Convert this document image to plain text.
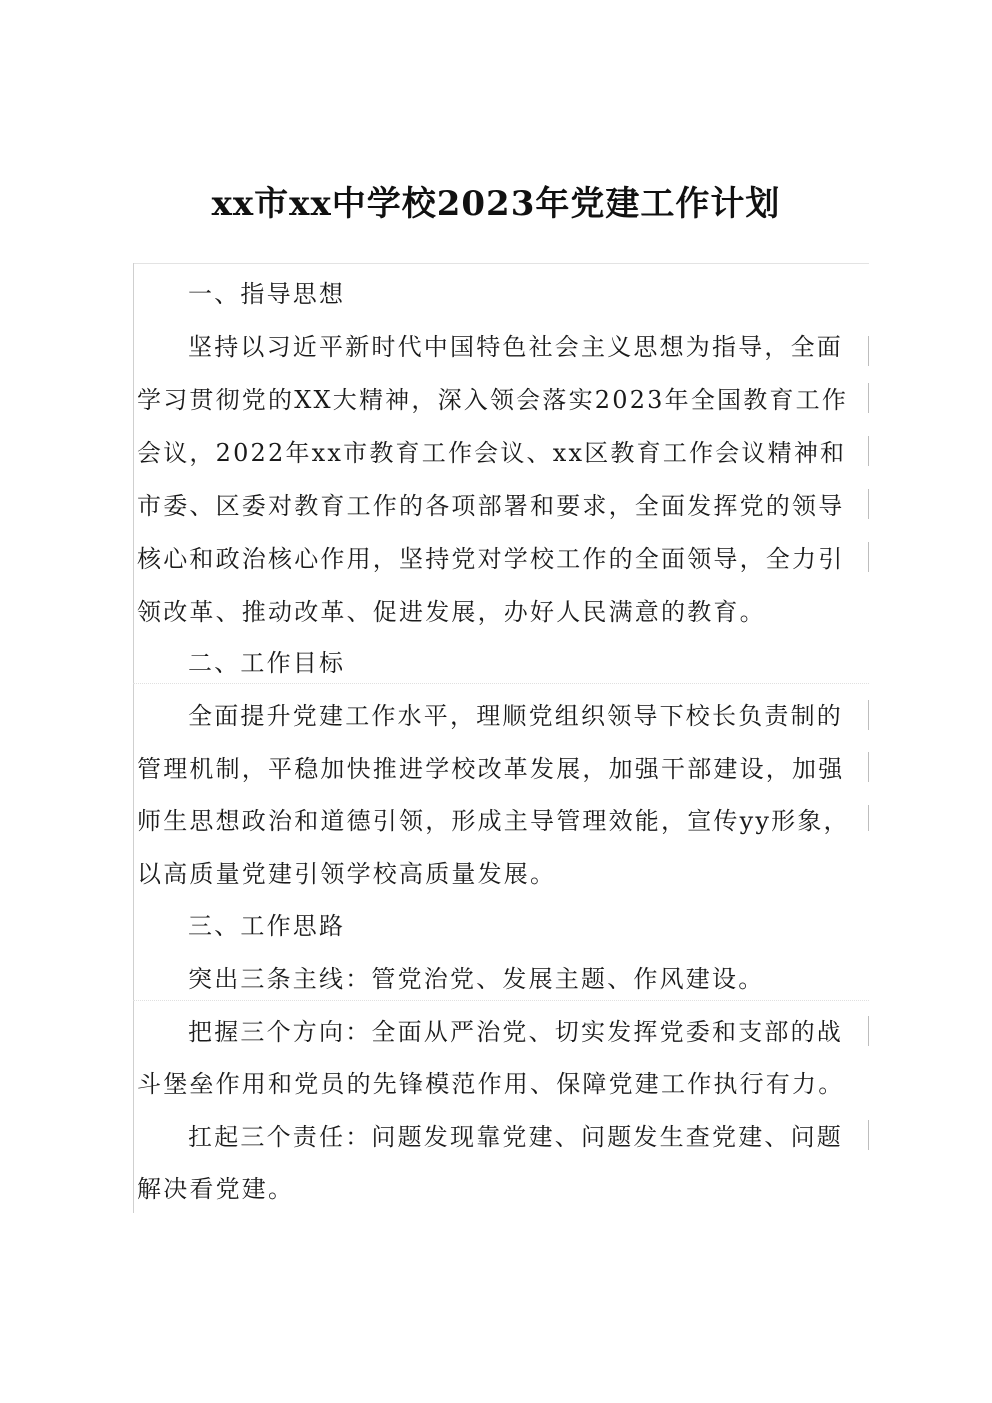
xx市xx中学校2023年党建工作计划
一、指导思想
坚持以习近平新时代中国特色社会主义思想为指导，全面
学习贯彻党的XX大精神，深入领会落实2023年全国教育工作
会议，2022年xx市教育工作会议、xx区教育工作会议精神和
市委、区委对教育工作的各项部署和要求，全面发挥党的领导
核心和政治核心作用，坚持党对学校工作的全面领导，全力引
领改革、推动改革、促进发展，办好人民满意的教育。
二、工作目标
全面提升党建工作水平，理顺党组织领导下校长负责制的
管理机制，平稳加快推进学校改革发展，加强干部建设，加强
师生思想政治和道德引领，形成主导管理效能，宣传yy形象，
以高质量党建引领学校高质量发展。
三、工作思路
突出三条主线：管党治党、发展主题、作风建设。
把握三个方向：全面从严治党、切实发挥党委和支部的战
斗堡垒作用和党员的先锋模范作用、保障党建工作执行有力。
扛起三个责任：问题发现靠党建、问题发生查党建、问题
解决看党建。
